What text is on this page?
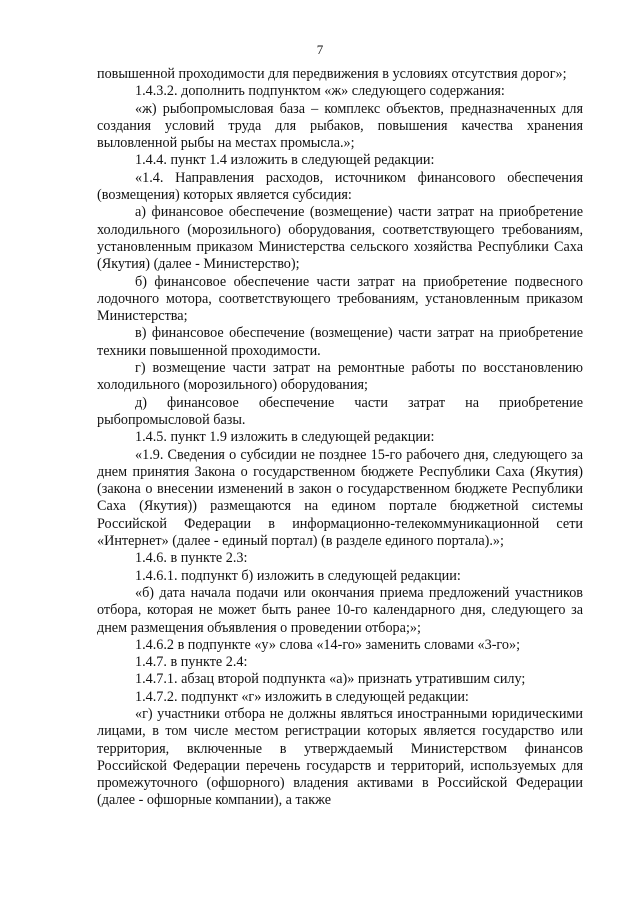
7

повышенной проходимости для передвижения в условиях отсутствия дорог»;

1.4.3.2. дополнить подпунктом «ж» следующего содержания:

«ж) рыбопромысловая база – комплекс объектов, предназначенных для создания условий труда для рыбаков, повышения качества хранения выловленной рыбы на местах промысла.»;

1.4.4. пункт 1.4 изложить в следующей редакции:

«1.4. Направления расходов, источником финансового обеспечения (возмещения) которых является субсидия:

а) финансовое обеспечение (возмещение) части затрат на приобретение холодильного (морозильного) оборудования, соответствующего требованиям, установленным приказом Министерства сельского хозяйства Республики Саха (Якутия) (далее - Министерство);

б) финансовое обеспечение части затрат на приобретение подвесного лодочного мотора, соответствующего требованиям, установленным приказом Министерства;

в) финансовое обеспечение (возмещение) части затрат на приобретение техники повышенной проходимости.

г) возмещение части затрат на ремонтные работы по восстановлению холодильного (морозильного) оборудования;

д) финансовое обеспечение части затрат на приобретение рыбопромысловой базы.

1.4.5. пункт 1.9 изложить в следующей редакции:

«1.9. Сведения о субсидии не позднее 15-го рабочего дня, следующего за днем принятия Закона о государственном бюджете Республики Саха (Якутия) (закона о внесении изменений в закон о государственном бюджете Республики Саха (Якутия)) размещаются на едином портале бюджетной системы Российской Федерации в информационно-телекоммуникационной сети «Интернет» (далее - единый портал) (в разделе единого портала).»;

1.4.6. в пункте 2.3:

1.4.6.1. подпункт б) изложить в следующей редакции:

«б) дата начала подачи или окончания приема предложений участников отбора, которая не может быть ранее 10-го календарного дня, следующего за днем размещения объявления о проведении отбора;»;

1.4.6.2 в подпункте «у» слова «14-го» заменить словами «3-го»;

1.4.7. в пункте 2.4:

1.4.7.1. абзац второй подпункта «а)» признать утратившим силу;

1.4.7.2. подпункт «г» изложить в следующей редакции:

«г) участники отбора не должны являться иностранными юридическими лицами, в том числе местом регистрации которых является государство или территория, включенные в утверждаемый Министерством финансов Российской Федерации перечень государств и территорий, используемых для промежуточного (офшорного) владения активами в Российской Федерации (далее - офшорные компании), а также
